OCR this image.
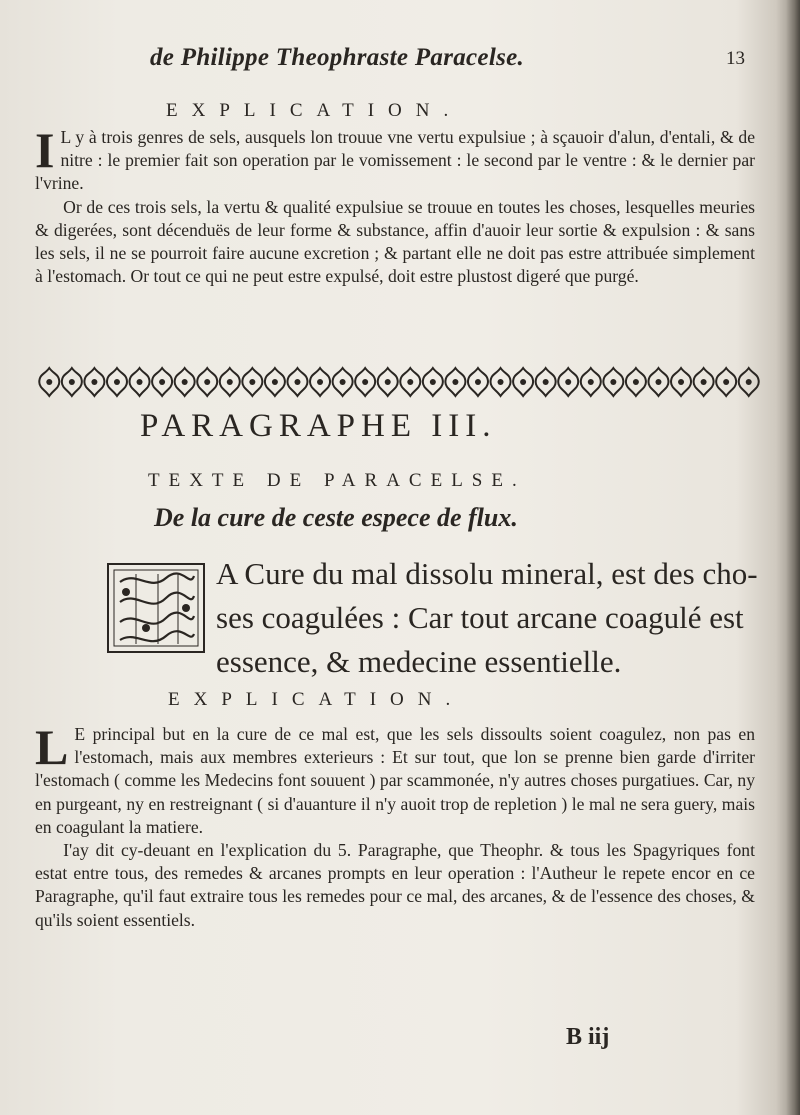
de Philippe Theophraste Paracelse.	13
EXPLICATION.

I L y à trois genres de sels, ausquels lon trouue vne vertu expulsiue ; à sçauoir d'alun, d'entali, & de nitre : le premier fait son operation par le vomissement : le second par le ventre : & le dernier par l'vrine.

Or de ces trois sels, la vertu & qualité expulsiue se trouue en toutes les choses, lesquelles meuries & digerées, sont décenduës de leur forme & substance, affin d'auoir leur sortie & expulsion : & sans les sels, il ne se pourroit faire aucune excretion ; & partant elle ne doit pas estre attribuée simplement à l'estomach. Or tout ce qui ne peut estre expulsé, doit estre plustost digeré que purgé.

PARAGRAPHE III.
TEXTE DE PARACELSE.
De la cure de ceste espece de flux.
A Cure du mal dissolu mineral, est des cho-
ses coagulées : Car tout arcane coagulé est
essence, & medecine essentielle.
EXPLICATION.

L E principal but en la cure de ce mal est, que les sels dissoults soient coagulez, non pas en l'estomach, mais aux membres exterieurs : Et sur tout, que lon se prenne bien garde d'irriter l'estomach ( comme les Medecins font souuent ) par scammonée, n'y autres choses purgatiues. Car, ny en purgeant, ny en restreignant ( si d'auanture il n'y auoit trop de repletion ) le mal ne sera guery, mais en coagulant la matiere.

I'ay dit cy-deuant en l'explication du 5. Paragraphe, que Theophr. & tous les Spagyriques font estat entre tous, des remedes & arcanes prompts en leur operation : l'Autheur le repete encor en ce Paragraphe, qu'il faut extraire tous les remedes pour ce mal, des arcanes, & de l'essence des choses, & qu'ils soient essentiels.

B iij
